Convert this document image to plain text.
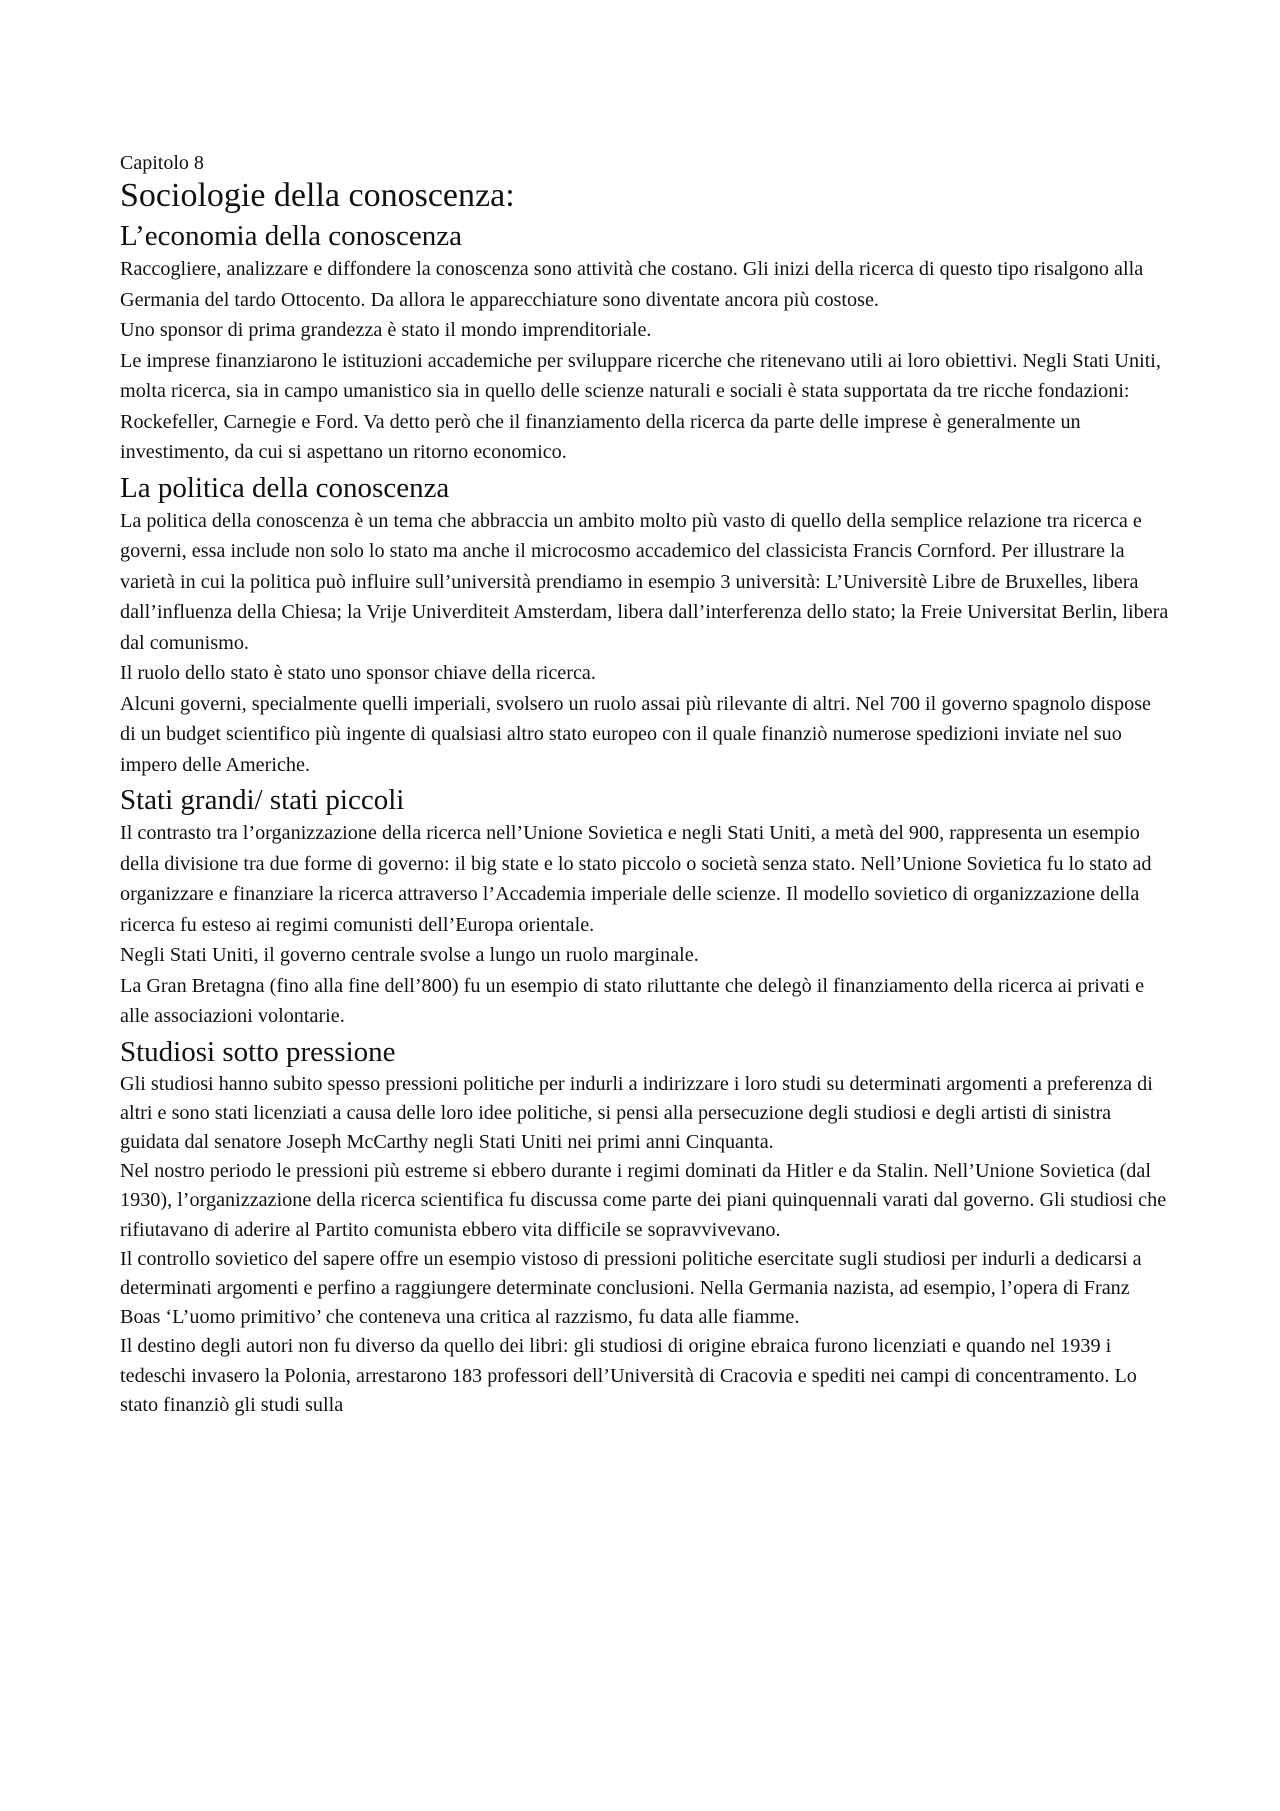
Capitolo 8
Sociologie della conoscenza:
L’economia della conoscenza

Raccogliere, analizzare e diffondere la conoscenza sono attività che costano. Gli inizi della ricerca di questo tipo risalgono alla Germania del tardo Ottocento. Da allora le apparecchiature sono diventate ancora più costose.

Uno sponsor di prima grandezza è stato il mondo imprenditoriale.

Le imprese finanziarono le istituzioni accademiche per sviluppare ricerche che ritenevano utili ai loro obiettivi. Negli Stati Uniti, molta ricerca, sia in campo umanistico sia in quello delle scienze naturali e sociali è stata supportata da tre ricche fondazioni: Rockefeller, Carnegie e Ford. Va detto però che il finanziamento della ricerca da parte delle imprese è generalmente un investimento, da cui si aspettano un ritorno economico.

La politica della conoscenza

La politica della conoscenza è un tema che abbraccia un ambito molto più vasto di quello della semplice relazione tra ricerca e governi, essa include non solo lo stato ma anche il microcosmo accademico del classicista Francis Cornford. Per illustrare la varietà in cui la politica può influire sull’università prendiamo in esempio 3 università: L’Universitè Libre de Bruxelles, libera dall’influenza della Chiesa; la Vrije Univerditeit Amsterdam, libera dall’interferenza dello stato; la Freie Universitat Berlin, libera dal comunismo.

Il ruolo dello stato è stato uno sponsor chiave della ricerca.

Alcuni governi, specialmente quelli imperiali, svolsero un ruolo assai più rilevante di altri. Nel 700 il governo spagnolo dispose di un budget scientifico più ingente di qualsiasi altro stato europeo con il quale finanziò numerose spedizioni inviate nel suo impero delle Americhe.

Stati grandi/ stati piccoli

Il contrasto tra l’organizzazione della ricerca nell’Unione Sovietica e negli Stati Uniti, a metà del 900, rappresenta un esempio della divisione tra due forme di governo: il big state e lo stato piccolo o società senza stato. Nell’Unione Sovietica fu lo stato ad organizzare e finanziare la ricerca attraverso l’Accademia imperiale delle scienze. Il modello sovietico di organizzazione della ricerca fu esteso ai regimi comunisti dell’Europa orientale.

Negli Stati Uniti, il governo centrale svolse a lungo un ruolo marginale.

La Gran Bretagna (fino alla fine dell’800) fu un esempio di stato riluttante che delegò il finanziamento della ricerca ai privati e alle associazioni volontarie.

Studiosi sotto pressione

Gli studiosi hanno subito spesso pressioni politiche per indurli a indirizzare i loro studi su determinati argomenti a preferenza di altri e sono stati licenziati a causa delle loro idee politiche, si pensi alla persecuzione degli studiosi e degli artisti di sinistra guidata dal senatore Joseph McCarthy negli Stati Uniti nei primi anni Cinquanta.

Nel nostro periodo le pressioni più estreme si ebbero durante i regimi dominati da Hitler e da Stalin. Nell’Unione Sovietica (dal 1930), l’organizzazione della ricerca scientifica fu discussa come parte dei piani quinquennali varati dal governo. Gli studiosi che rifiutavano di aderire al Partito comunista ebbero vita difficile se sopravvivevano.

Il controllo sovietico del sapere offre un esempio vistoso di pressioni politiche esercitate sugli studiosi per indurli a dedicarsi a determinati argomenti e perfino a raggiungere determinate conclusioni. Nella Germania nazista, ad esempio, l’opera di Franz Boas ‘L’uomo primitivo’ che conteneva una critica al razzismo, fu data alle fiamme.

Il destino degli autori non fu diverso da quello dei libri: gli studiosi di origine ebraica furono licenziati e quando nel 1939 i tedeschi invasero la Polonia, arrestarono 183 professori dell’Università di Cracovia e spediti nei campi di concentramento. Lo stato finanziò gli studi sulla
